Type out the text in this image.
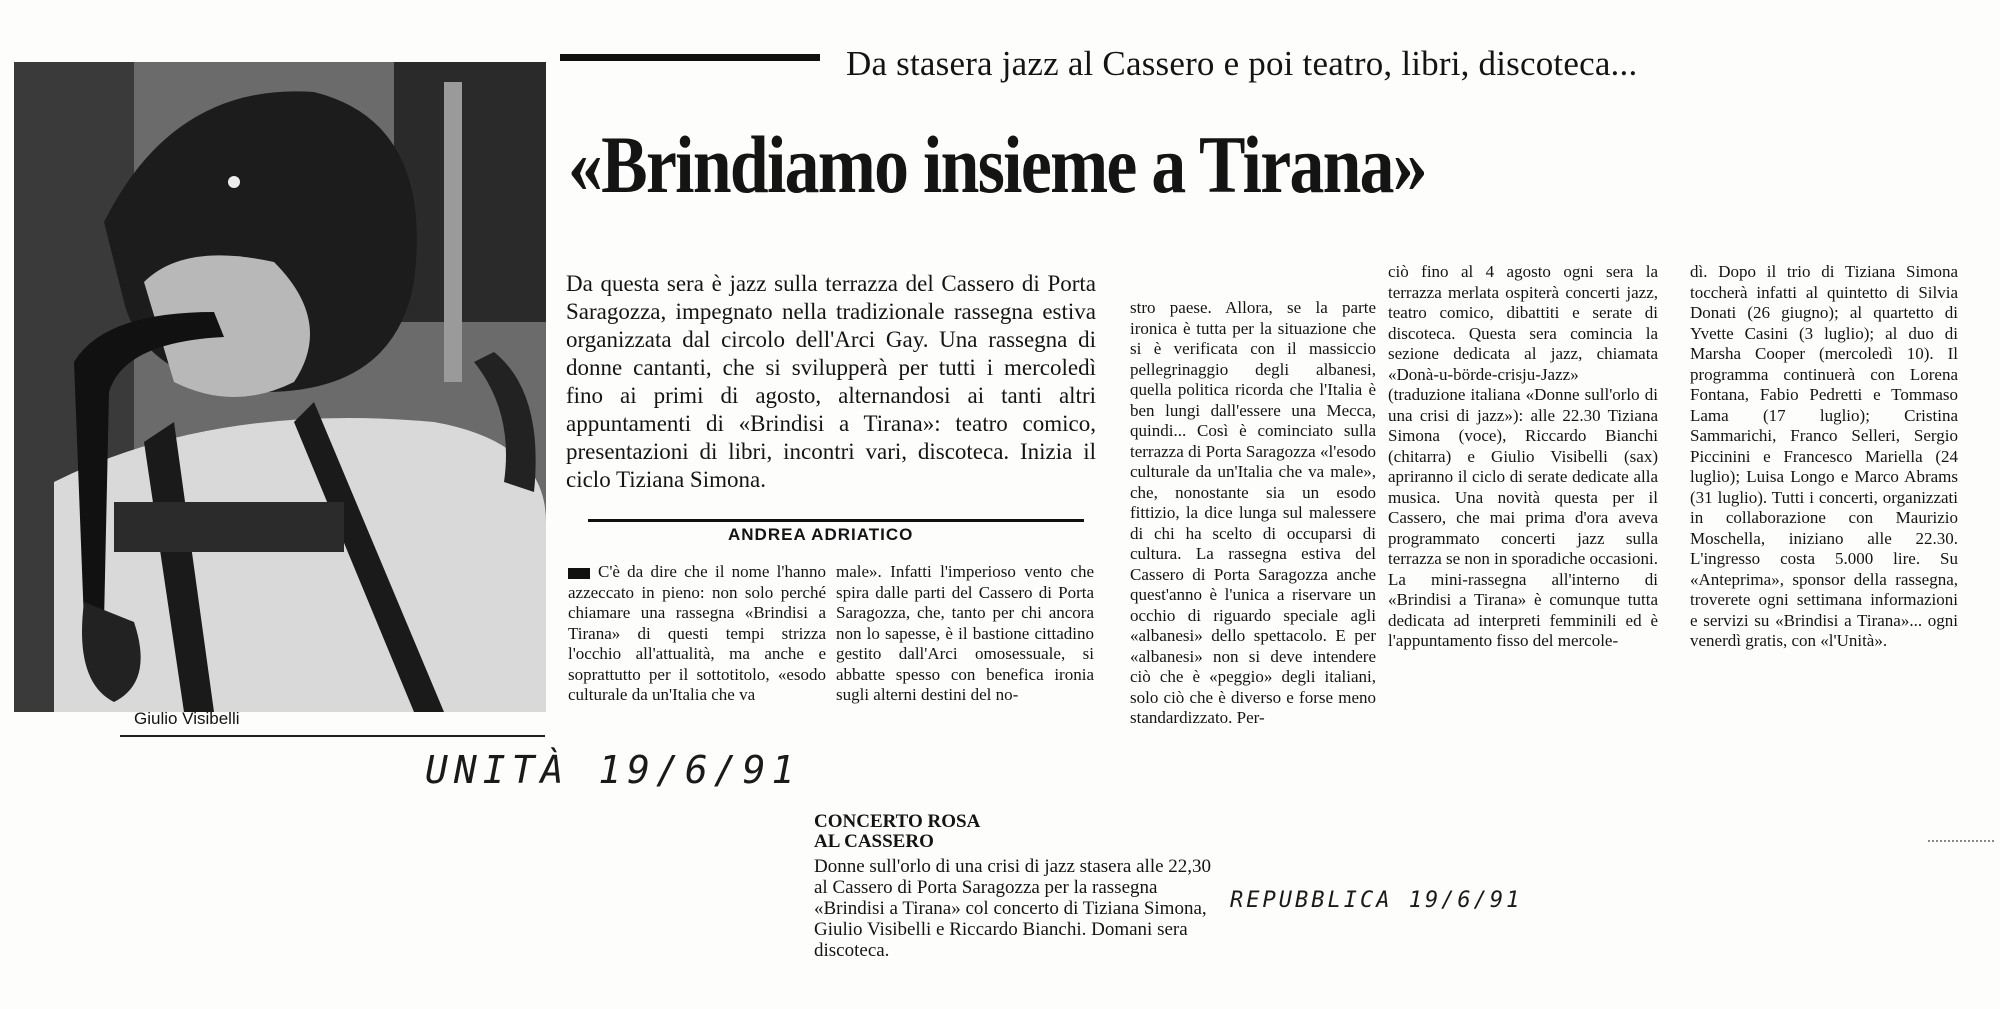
Giulio Visibelli
Da stasera jazz al Cassero e poi teatro, libri, discoteca...
«Brindiamo insieme a Tirana»
Da questa sera è jazz sulla terrazza del Cassero di Porta Saragozza, impegnato nella tradizionale rassegna estiva organizzata dal circolo dell'Arci Gay. Una rassegna di donne cantanti, che si svilupperà per tutti i mercoledì fino ai primi di agosto, alternandosi ai tanti altri appuntamenti di «Brindisi a Tirana»: teatro comico, presentazioni di libri, incontri vari, discoteca. Inizia il ciclo Tiziana Simona.
ANDREA ADRIATICO
C'è da dire che il nome l'hanno azzeccato in pieno: non solo perché chiamare una rassegna «Brindisi a Tirana» di questi tempi strizza l'occhio all'attualità, ma anche e soprattutto per il sottotitolo, «esodo culturale da un'Italia che va
male». Infatti l'imperioso vento che spira dalle parti del Cassero di Porta Saragozza, che, tanto per chi ancora non lo sapesse, è il bastione cittadino gestito dall'Arci omosessuale, si abbatte spesso con benefica ironia sugli alterni destini del no-
stro paese. Allora, se la parte ironica è tutta per la situazione che si è verificata con il massiccio pellegrinaggio degli albanesi, quella politica ricorda che l'Italia è ben lungi dall'essere una Mecca, quindi... Così è cominciato sulla terrazza di Porta Saragozza «l'esodo culturale da un'Italia che va male», che, nonostante sia un esodo fittizio, la dice lunga sul malessere di chi ha scelto di occuparsi di cultura. La rassegna estiva del Cassero di Porta Saragozza anche quest'anno è l'unica a riservare un occhio di riguardo speciale agli «albanesi» dello spettacolo. E per «albanesi» non si deve intendere ciò che è «peggio» degli italiani, solo ciò che è diverso e forse meno standardizzato. Per-
ciò fino al 4 agosto ogni sera la terrazza merlata ospiterà concerti jazz, teatro comico, dibattiti e serate di discoteca. Questa sera comincia la sezione dedicata al jazz, chiamata «Donà-u-börde-crisju-Jazz» (traduzione italiana «Donne sull'orlo di una crisi di jazz»): alle 22.30 Tiziana Simona (voce), Riccardo Bianchi (chitarra) e Giulio Visibelli (sax) apriranno il ciclo di serate dedicate alla musica. Una novità questa per il Cassero, che mai prima d'ora aveva programmato concerti jazz sulla terrazza se non in sporadiche occasioni. La mini-rassegna all'interno di «Brindisi a Tirana» è comunque tutta dedicata ad interpreti femminili ed è l'appuntamento fisso del mercole-
dì. Dopo il trio di Tiziana Simona toccherà infatti al quintetto di Silvia Donati (26 giugno); al quartetto di Yvette Casini (3 luglio); al duo di Marsha Cooper (mercoledì 10). Il programma continuerà con Lorena Fontana, Fabio Pedretti e Tommaso Lama (17 luglio); Cristina Sammarichi, Franco Selleri, Sergio Piccinini e Francesco Mariella (24 luglio); Luisa Longo e Marco Abrams (31 luglio). Tutti i concerti, organizzati in collaborazione con Maurizio Moschella, iniziano alle 22.30. L'ingresso costa 5.000 lire. Su «Anteprima», sponsor della rassegna, troverete ogni settimana informazioni e servizi su «Brindisi a Tirana»... ogni venerdì gratis, con «l'Unità».
UNITÀ 19/6/91
REPUBBLICA 19/6/91
CONCERTO ROSA
AL CASSERO
Donne sull'orlo di una crisi di jazz stasera alle 22,30 al Cassero di Porta Saragozza per la rassegna «Brindisi a Tirana» col concerto di Tiziana Simona, Giulio Visibelli e Riccardo Bianchi. Domani sera discoteca.
